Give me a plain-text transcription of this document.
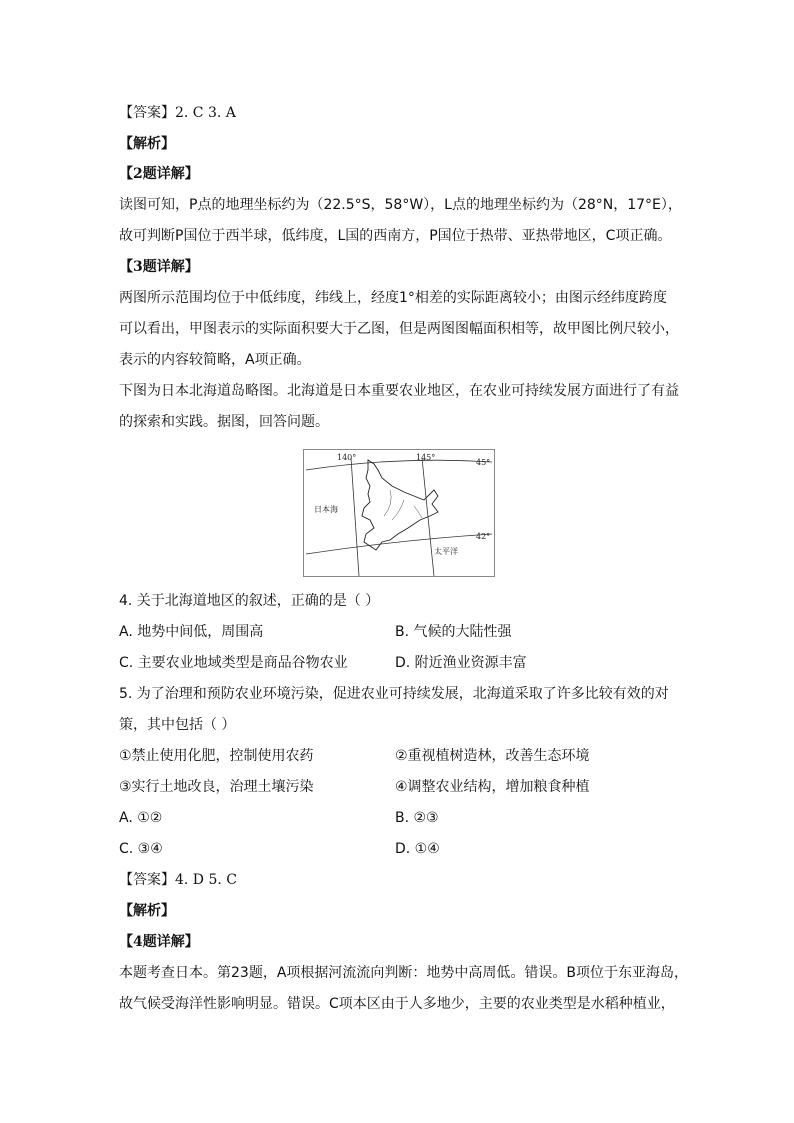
【答案】2. C 3. A
【解析】
【2题详解】
读图可知，P点的地理坐标约为（22.5°S，58°W），L点的地理坐标约为（28°N，17°E），
故可判断P国位于西半球，低纬度，L国的西南方，P国位于热带、亚热带地区，C项正确。
【3题详解】
两图所示范围均位于中低纬度，纬线上，经度1°相差的实际距离较小；由图示经纬度跨度
可以看出，甲图表示的实际面积要大于乙图，但是两图图幅面积相等，故甲图比例尺较小，
表示的内容较简略，A项正确。
下图为日本北海道岛略图。北海道是日本重要农业地区，在农业可持续发展方面进行了有益
的探索和实践。据图，回答问题。
140°	145°
45°
42°
日本海
太平洋
4. 关于北海道地区的叙述，正确的是（ ）
A. 地势中间低，周围高	B. 气候的大陆性强
C. 主要农业地域类型是商品谷物农业	D. 附近渔业资源丰富
5. 为了治理和预防农业环境污染，促进农业可持续发展，北海道采取了许多比较有效的对
策，其中包括（ ）
①禁止使用化肥，控制使用农药	②重视植树造林，改善生态环境
③实行土地改良，治理土壤污染	④调整农业结构，增加粮食种植
A. ①②	B. ②③
C. ③④	D. ①④
【答案】4. D 5. C
【解析】
【4题详解】
本题考查日本。第23题，A项根据河流流向判断：地势中高周低。错误。B项位于东亚海岛，
故气候受海洋性影响明显。错误。C项本区由于人多地少，主要的农业类型是水稻种植业，
